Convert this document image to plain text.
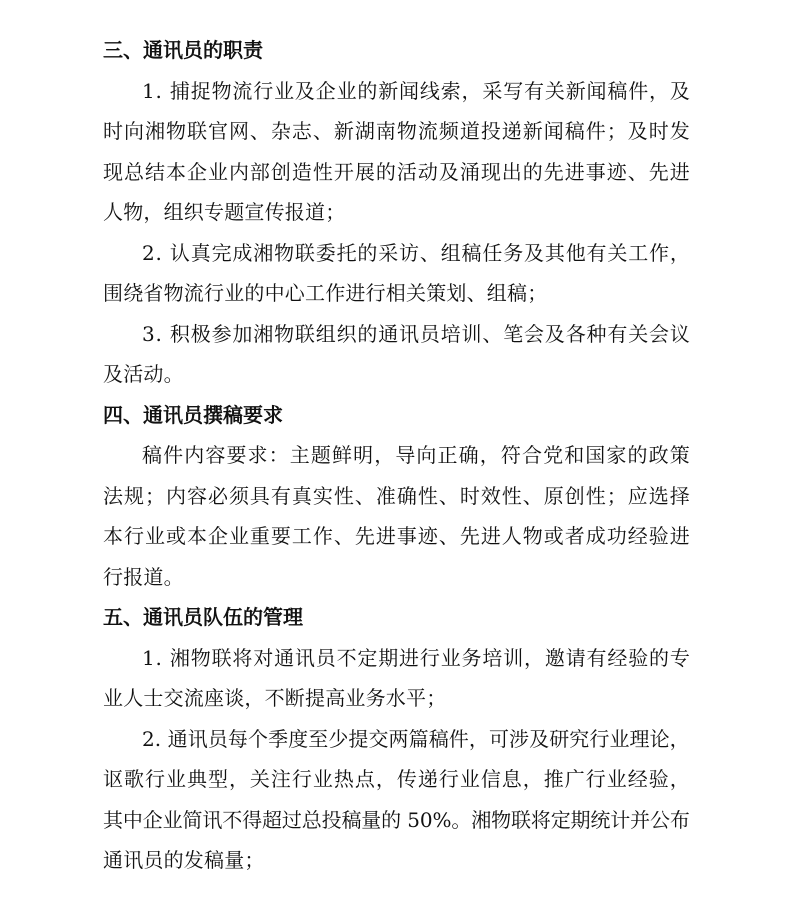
三、通讯员的职责
1. 捕捉物流行业及企业的新闻线索，采写有关新闻稿件，及
时向湘物联官网、杂志、新湖南物流频道投递新闻稿件；及时发
现总结本企业内部创造性开展的活动及涌现出的先进事迹、先进
人物，组织专题宣传报道；
2. 认真完成湘物联委托的采访、组稿任务及其他有关工作，
围绕省物流行业的中心工作进行相关策划、组稿；
3. 积极参加湘物联组织的通讯员培训、笔会及各种有关会议
及活动。
四、通讯员撰稿要求
稿件内容要求：主题鲜明，导向正确，符合党和国家的政策
法规；内容必须具有真实性、准确性、时效性、原创性；应选择
本行业或本企业重要工作、先进事迹、先进人物或者成功经验进
行报道。
五、通讯员队伍的管理
1. 湘物联将对通讯员不定期进行业务培训，邀请有经验的专
业人士交流座谈，不断提高业务水平；
2. 通讯员每个季度至少提交两篇稿件，可涉及研究行业理论，
讴歌行业典型，关注行业热点，传递行业信息，推广行业经验，
其中企业简讯不得超过总投稿量的 50%。湘物联将定期统计并公布
通讯员的发稿量；
